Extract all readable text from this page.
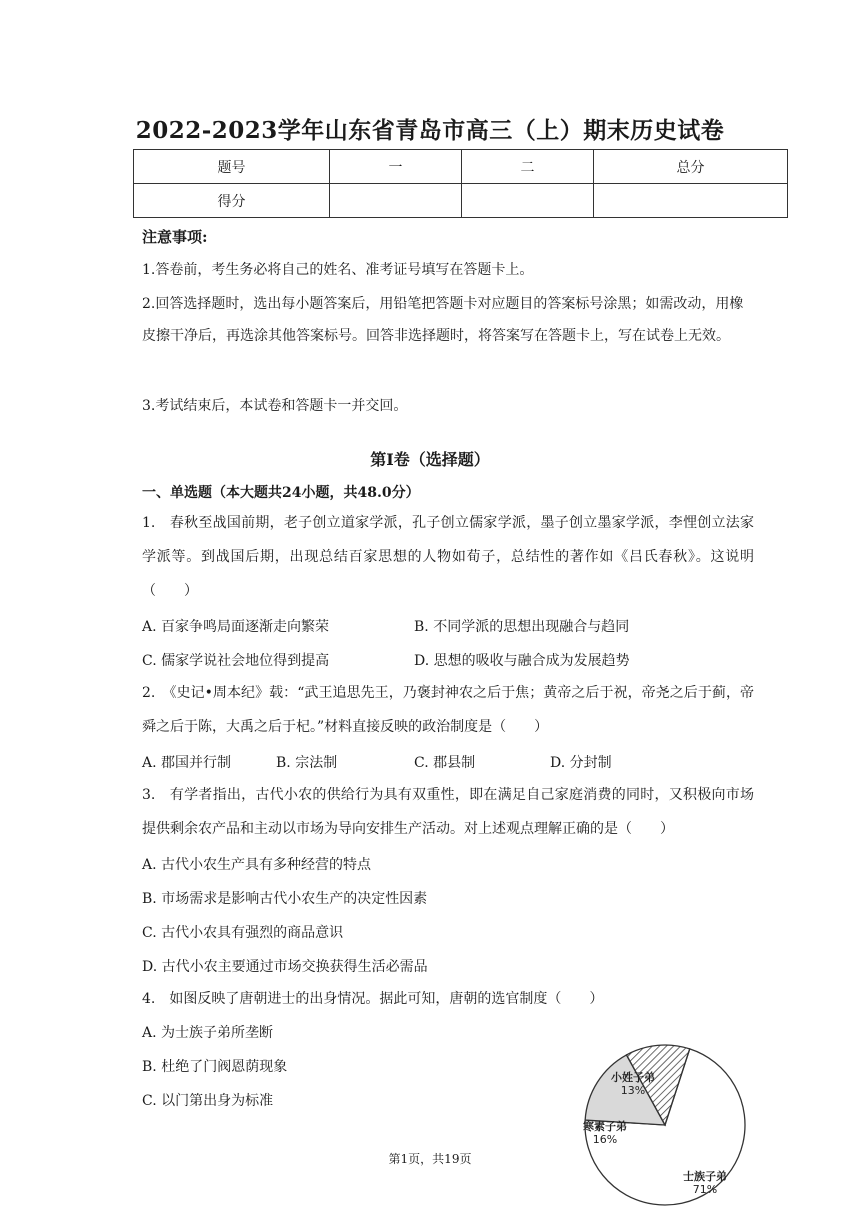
2022-2023学年山东省青岛市高三（上）期末历史试卷
题号	一	二	总分
得分			
注意事项:
1.答卷前，考生务必将自己的姓名、准考证号填写在答题卡上。
2.回答选择题时，选出每小题答案后，用铅笔把答题卡对应题目的答案标号涂黑；如需改动，用橡皮擦干净后，再选涂其他答案标号。回答非选择题时，将答案写在答题卡上，写在试卷上无效。
3.考试结束后，本试卷和答题卡一并交回。
第I卷（选择题）
一、单选题（本大题共24小题，共48.0分）
1.　春秋至战国前期，老子创立道家学派，孔子创立儒家学派，墨子创立墨家学派，李悝创立法家学派等。到战国后期，出现总结百家思想的人物如荀子，总结性的著作如《吕氏春秋》。这说明（　　）
A. 百家争鸣局面逐渐走向繁荣	B. 不同学派的思想出现融合与趋同
C. 儒家学说社会地位得到提高	D. 思想的吸收与融合成为发展趋势
2.　《史记•周本纪》载：“武王追思先王，乃褒封神农之后于焦；黄帝之后于祝，帝尧之后于蓟，帝舜之后于陈，大禹之后于杞。”材料直接反映的政治制度是（　　）
A. 郡国并行制	B. 宗法制	C. 郡县制	D. 分封制
3.　有学者指出，古代小农的供给行为具有双重性，即在满足自己家庭消费的同时，又积极向市场提供剩余农产品和主动以市场为导向安排生产活动。对上述观点理解正确的是（　　）
A. 古代小农生产具有多种经营的特点
B. 市场需求是影响古代小农生产的决定性因素
C. 古代小农具有强烈的商品意识
D. 古代小农主要通过市场交换获得生活必需品
4.　如图反映了唐朝进士的出身情况。据此可知，唐朝的选官制度（　　）
A. 为士族子弟所垄断
B. 杜绝了门阀恩荫现象
C. 以门第出身为标准
士族子弟
71%
寒素子弟
16%
小姓子弟
13%
第1页，共19页
